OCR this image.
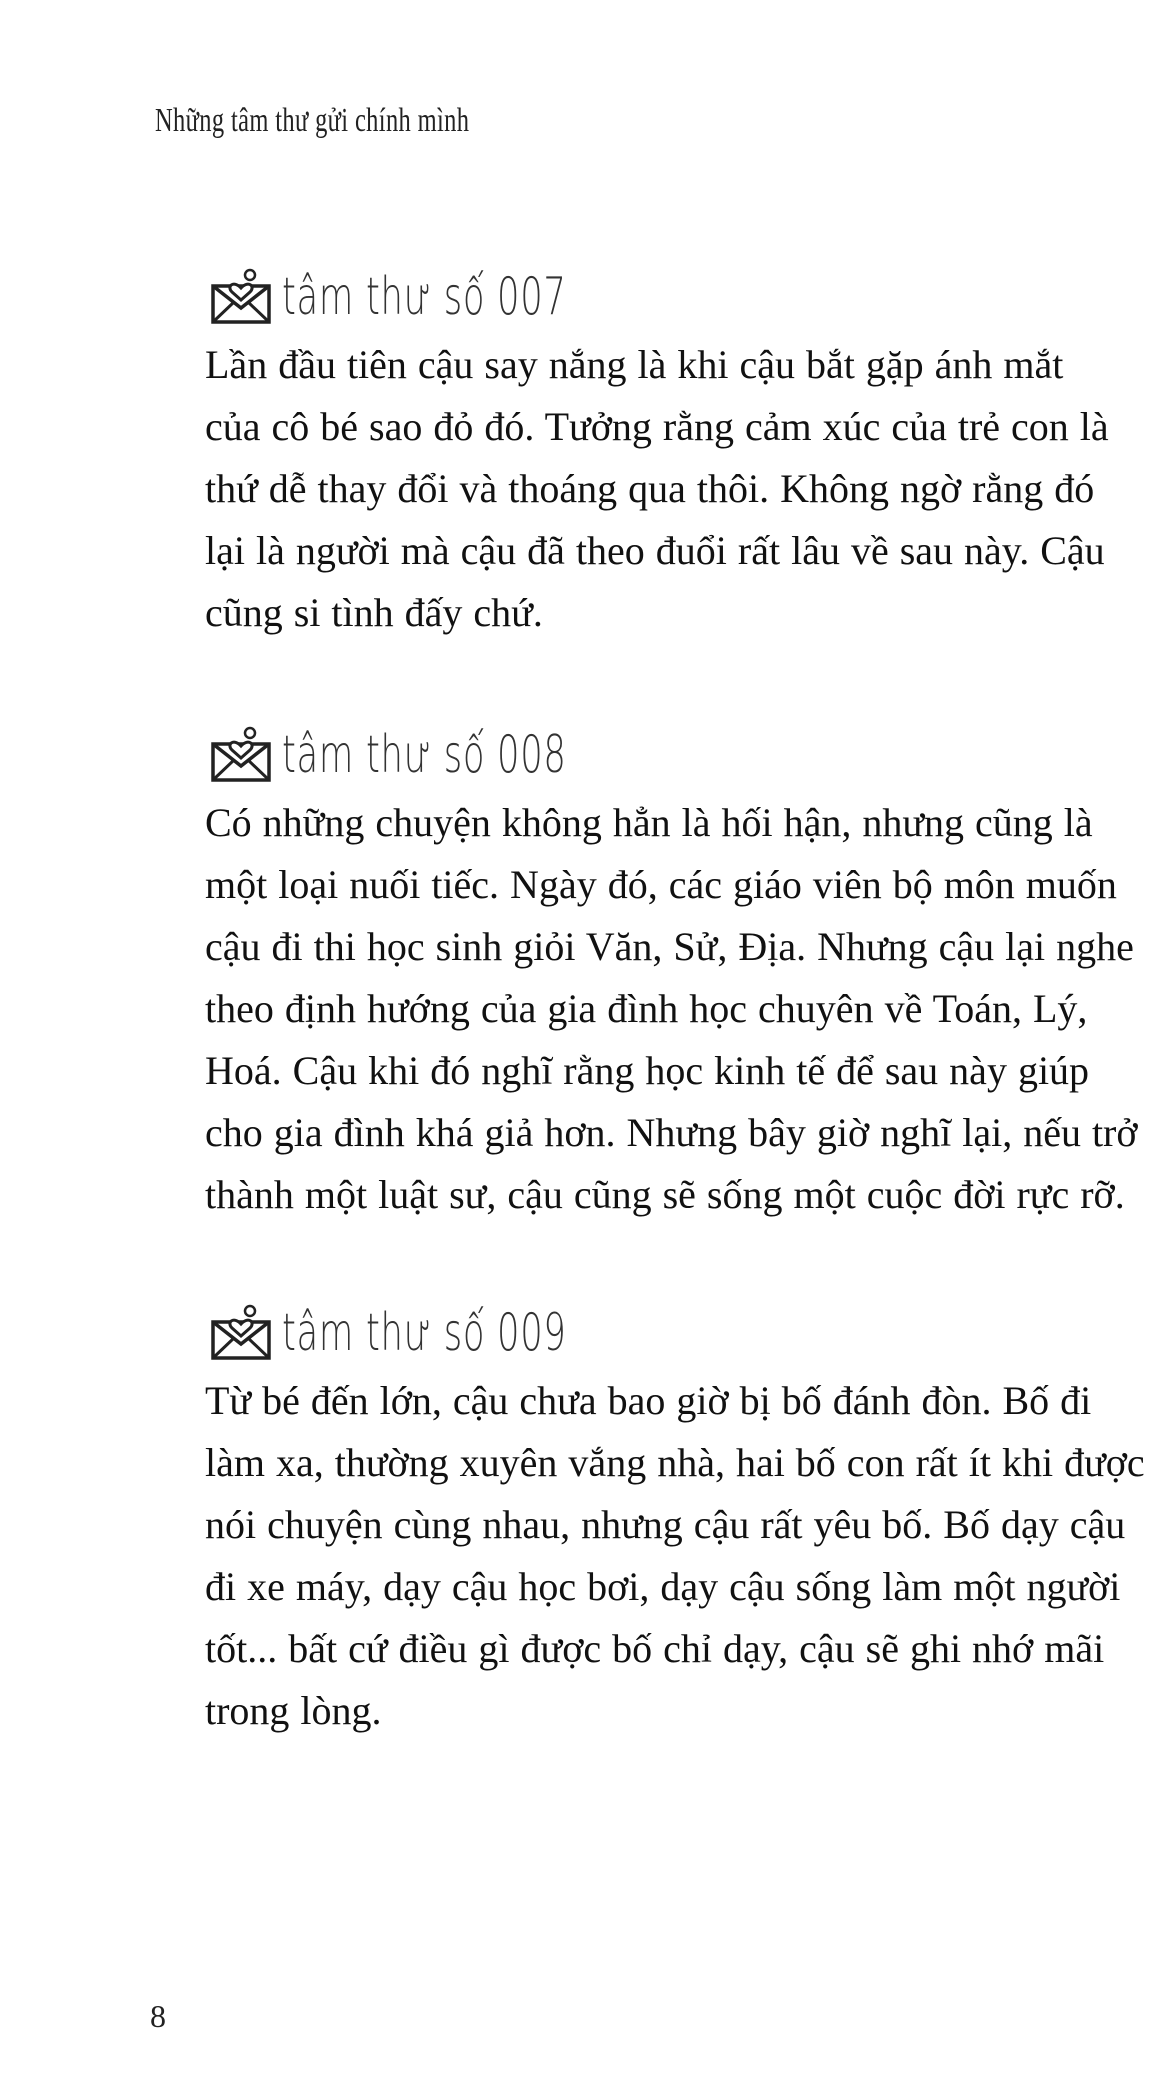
Những tâm thư gửi chính mình
tâm thư số 007
Lần đầu tiên cậu say nắng là khi cậu bắt gặp ánh mắt
của cô bé sao đỏ đó. Tưởng rằng cảm xúc của trẻ con là
thứ dễ thay đổi và thoáng qua thôi. Không ngờ rằng đó
lại là người mà cậu đã theo đuổi rất lâu về sau này. Cậu
cũng si tình đấy chứ.
tâm thư số 008
Có những chuyện không hẳn là hối hận, nhưng cũng là
một loại nuối tiếc. Ngày đó, các giáo viên bộ môn muốn
cậu đi thi học sinh giỏi Văn, Sử, Địa. Nhưng cậu lại nghe
theo định hướng của gia đình học chuyên về Toán, Lý,
Hoá. Cậu khi đó nghĩ rằng học kinh tế để sau này giúp
cho gia đình khá giả hơn. Nhưng bây giờ nghĩ lại, nếu trở
thành một luật sư, cậu cũng sẽ sống một cuộc đời rực rỡ.
tâm thư số 009
Từ bé đến lớn, cậu chưa bao giờ bị bố đánh đòn. Bố đi
làm xa, thường xuyên vắng nhà, hai bố con rất ít khi được
nói chuyện cùng nhau, nhưng cậu rất yêu bố. Bố dạy cậu
đi xe máy, dạy cậu học bơi, dạy cậu sống làm một người
tốt... bất cứ điều gì được bố chỉ dạy, cậu sẽ ghi nhớ mãi
trong lòng.
8
